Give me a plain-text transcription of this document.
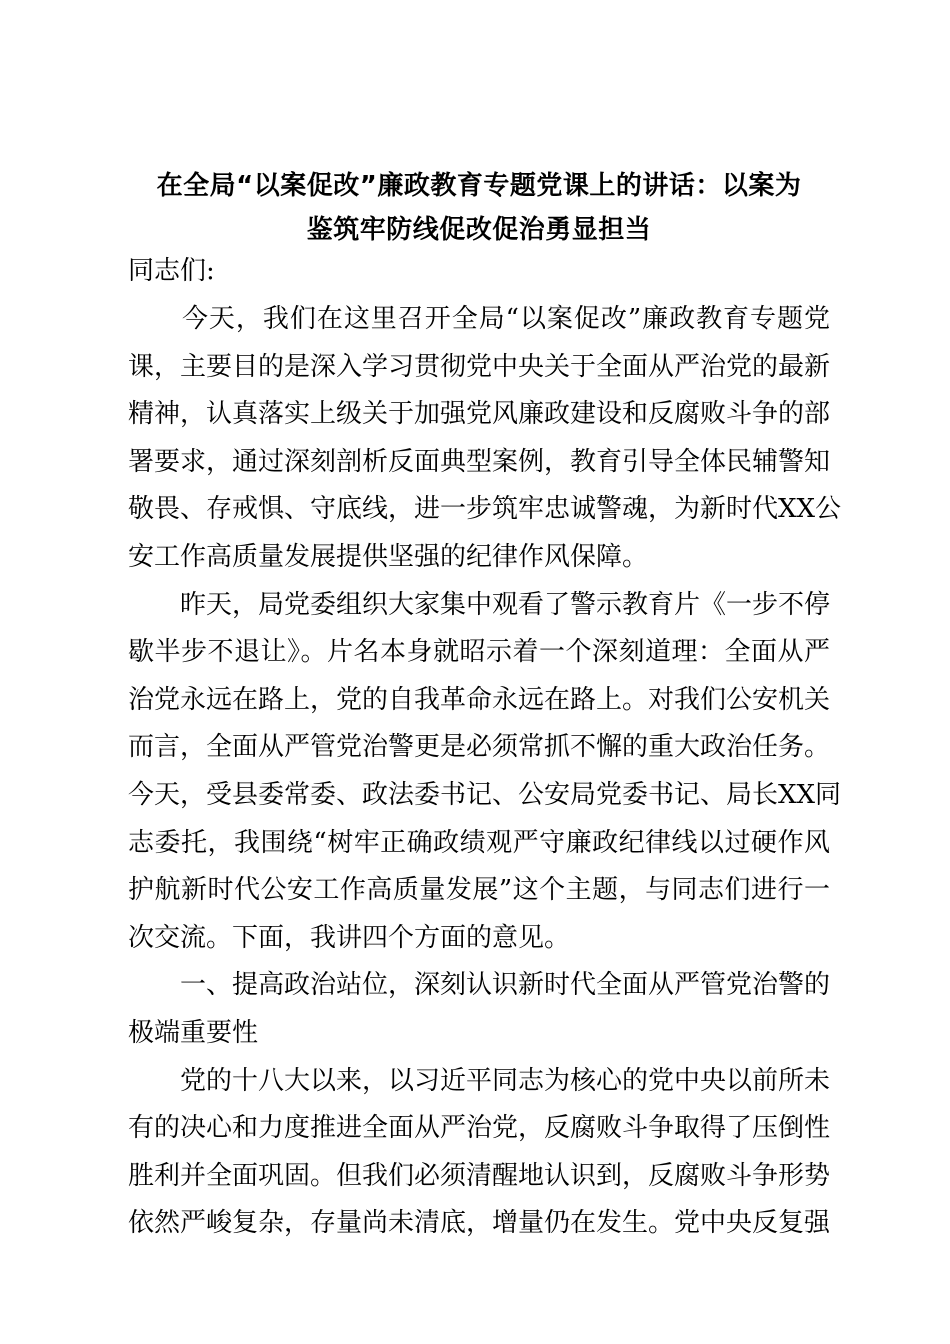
在全局“以案促改”廉政教育专题党课上的讲话：以案为
鉴筑牢防线促改促治勇显担当
同志们:
　　今天，我们在这里召开全局“以案促改”廉政教育专题党
课，主要目的是深入学习贯彻党中央关于全面从严治党的最新
精神，认真落实上级关于加强党风廉政建设和反腐败斗争的部
署要求，通过深刻剖析反面典型案例，教育引导全体民辅警知
敬畏、存戒惧、守底线，进一步筑牢忠诚警魂，为新时代XX公
安工作高质量发展提供坚强的纪律作风保障。
　　昨天，局党委组织大家集中观看了警示教育片《一步不停
歇半步不退让》。片名本身就昭示着一个深刻道理：全面从严
治党永远在路上，党的自我革命永远在路上。对我们公安机关
而言，全面从严管党治警更是必须常抓不懈的重大政治任务。
今天，受县委常委、政法委书记、公安局党委书记、局长XX同
志委托，我围绕“树牢正确政绩观严守廉政纪律线以过硬作风
护航新时代公安工作高质量发展”这个主题，与同志们进行一
次交流。下面，我讲四个方面的意见。
　　一、提高政治站位，深刻认识新时代全面从严管党治警的
极端重要性
　　党的十八大以来，以习近平同志为核心的党中央以前所未
有的决心和力度推进全面从严治党，反腐败斗争取得了压倒性
胜利并全面巩固。但我们必须清醒地认识到，反腐败斗争形势
依然严峻复杂，存量尚未清底，增量仍在发生。党中央反复强
